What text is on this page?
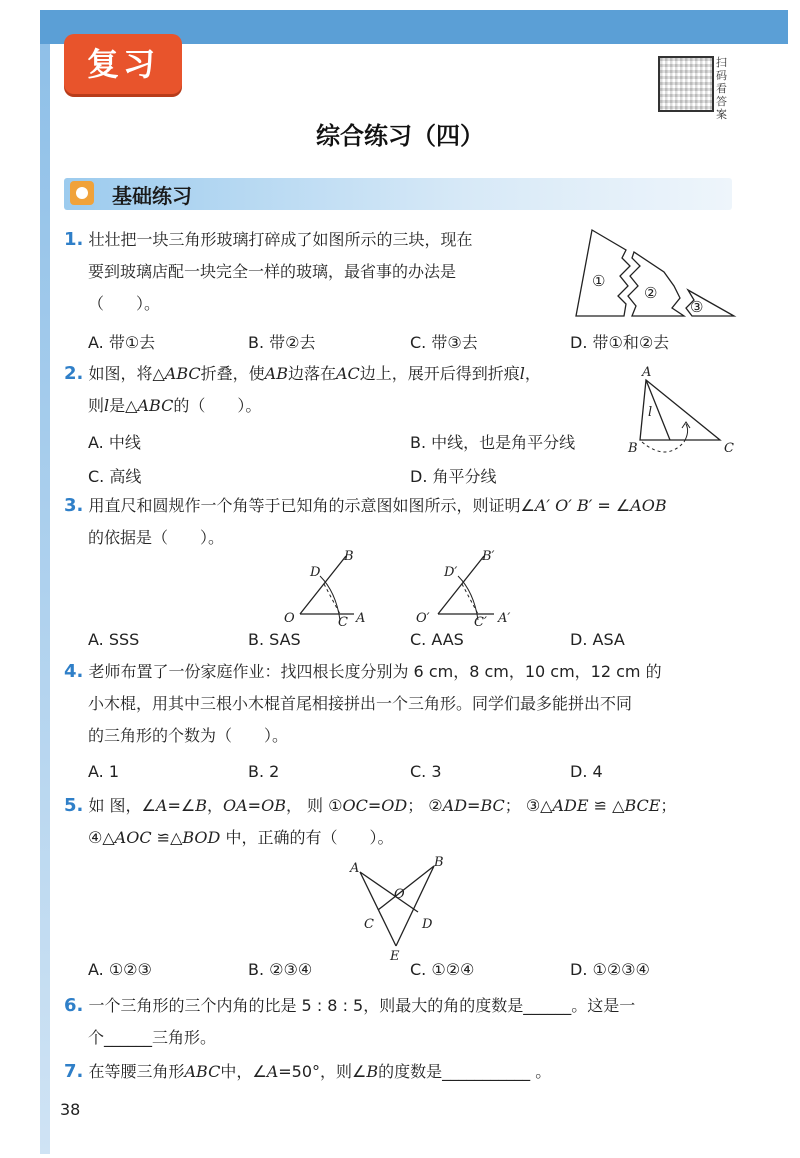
复习	扫码看答案
综合练习（四）
基础练习
1. 壮壮把一块三角形玻璃打碎成了如图所示的三块，现在
要到玻璃店配一块完全一样的玻璃，最省事的办法是
（　　）。
A. 带①去	B. 带②去	C. 带③去	D. 带①和②去
①
②
③
2. 如图，将△ABC折叠，使AB边落在AC边上，展开后得到折痕l，
则l是△ABC的（　　）。
A. 中线	B. 中线，也是角平分线
C. 高线	D. 角平分线
A
B	C
l
3. 用直尺和圆规作一个角等于已知角的示意图如图所示，则证明∠A′ O′ B′ = ∠AOB
的依据是（　　）。
O	A
B
C
D
O′	A′
B′
C′
D′
A. SSS	B. SAS	C. AAS	D. ASA
4. 老师布置了一份家庭作业：找四根长度分别为 6 cm，8 cm，10 cm，12 cm 的
小木棍，用其中三根小木棍首尾相接拼出一个三角形。同学们最多能拼出不同
的三角形的个数为（　　）。
A. 1	B. 2	C. 3	D. 4
5. 如 图，∠A=∠B，OA=OB， 则 ①OC=OD； ②AD=BC； ③△ADE ≌ △BCE；
④△AOC ≌△BOD 中，正确的有（　　）。
A	B
O
C	D
E
A. ①②③	B. ②③④	C. ①②④	D. ①②③④
6. 一个三角形的三个内角的比是 5 : 8 : 5，则最大的角的度数是______。这是一
个______三角形。
7. 在等腰三角形ABC中，∠A=50°，则∠B的度数是___________ 。
38
